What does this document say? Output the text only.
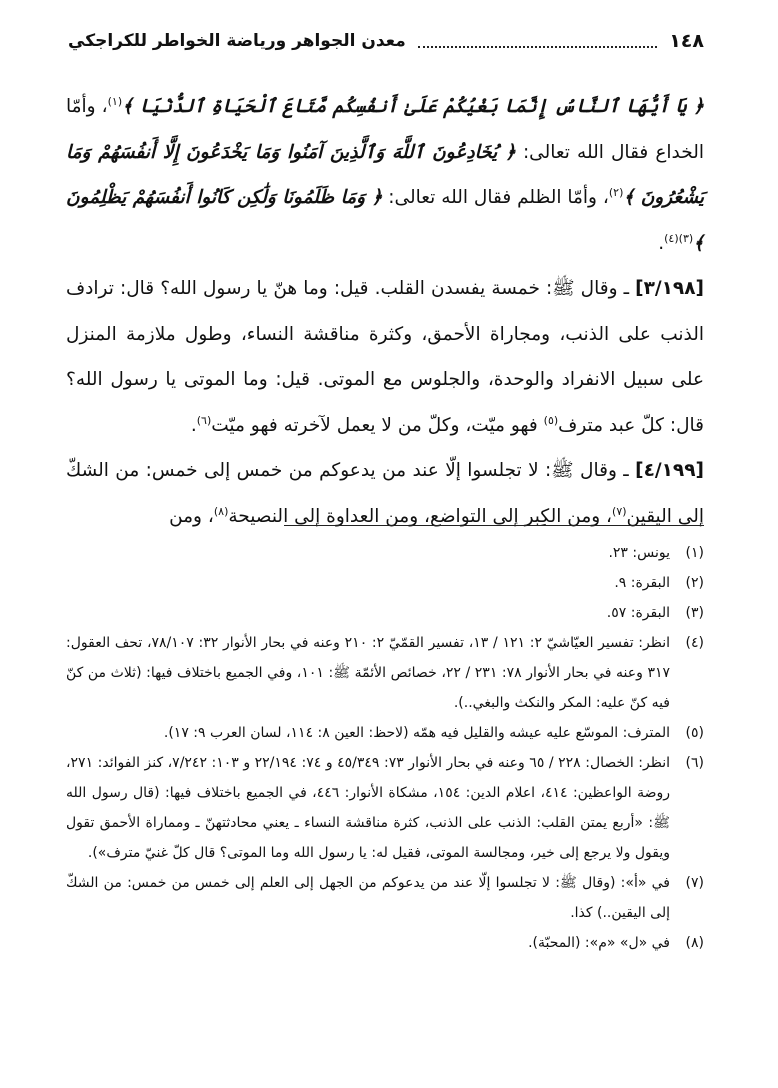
١٤٨
معدن الجواهر ورياضة الخواطر للكراجكي

﴿ يَا أَيُّهَا ٱلنَّاسُ إِنَّمَا بَغْيُكُمْ عَلَىٰ أَنفُسِكُم مَّتَاعَ ٱلْحَيَاةِ ٱلدُّنْيَا ﴾$^{(١)}$، وأمّا الخداع فقال الله تعالى: ﴿ يُخَادِعُونَ ٱللَّهَ وَٱلَّذِينَ آمَنُوا وَمَا يَخْدَعُونَ إِلَّا أَنفُسَهُمْ وَمَا يَشْعُرُونَ ﴾$^{(٢)}$، وأمّا الظلم فقال الله تعالى: ﴿ وَمَا ظَلَمُونَا وَلَٰكِن كَانُوا أَنفُسَهُمْ يَظْلِمُونَ ﴾$^{(٣)(٤)}$.

[٣/١٩٨] ـ وقال ﷺ: خمسة يفسدن القلب. قيل: وما هنّ يا رسول الله؟ قال: ترادف الذنب على الذنب، ومجاراة الأحمق، وكثرة مناقشة النساء، وطول ملازمة المنزل على سبيل الانفراد والوحدة، والجلوس مع الموتى. قيل: وما الموتى يا رسول الله؟ قال: كلّ عبد مترف$^{(٥)}$ فهو ميّت، وكلّ من لا يعمل لآخرته فهو ميّت$^{(٦)}$.

[٤/١٩٩] ـ وقال ﷺ: لا تجلسوا إلّا عند من يدعوكم من خمس إلى خمس: من الشكّ إلى اليقين$^{(٧)}$، ومن الكِبر إلى التواضع، ومن العداوة إلى النصيحة$^{(٨)}$، ومن

(١)
يونس: ٢٣.
(٢)
البقرة: ٩.
(٣)
البقرة: ٥٧.
(٤)
انظر: تفسير العيّاشيّ ٢: ١٢١ / ١٣، تفسير القمّيّ ٢: ٢١٠ وعنه في بحار الأنوار ٣٢: ٧٨/١٠٧، تحف العقول: ٣١٧ وعنه في بحار الأنوار ٧٨: ٢٣١ / ٢٢، خصائص الأئمّة ﷺ: ١٠١، وفي الجميع باختلاف فيها: (ثلاث من كنّ فيه كنّ عليه: المكر والنكث والبغي..).
(٥)
المترف: الموسّع عليه عيشه والقليل فيه همّه (لاحظ: العين ٨: ١١٤، لسان العرب ٩: ١٧).
(٦)
انظر: الخصال: ٢٢٨ / ٦٥ وعنه في بحار الأنوار ٧٣: ٤٥/٣٤٩ و ٧٤: ٢٢/١٩٤ و ١٠٣: ٧/٢٤٢، كنز الفوائد: ٢٧١، روضة الواعظين: ٤١٤، اعلام الدين: ١٥٤، مشكاة الأنوار: ٤٤٦، في الجميع باختلاف فيها: (قال رسول الله ﷺ: «أربع يمتن القلب: الذنب على الذنب، كثرة مناقشة النساء ـ يعني محادثتهنّ ـ ومماراة الأحمق تقول ويقول ولا يرجع إلى خير، ومجالسة الموتى، فقيل له: يا رسول الله وما الموتى؟ قال كلّ غنيّ مترف»).
(٧)
في «أ»: (وقال ﷺ: لا تجلسوا إلّا عند من يدعوكم من الجهل إلى العلم إلى خمس من خمس: من الشكّ إلى اليقين..) كذا.
(٨)
في «ل» «م»: (المحبّة).
